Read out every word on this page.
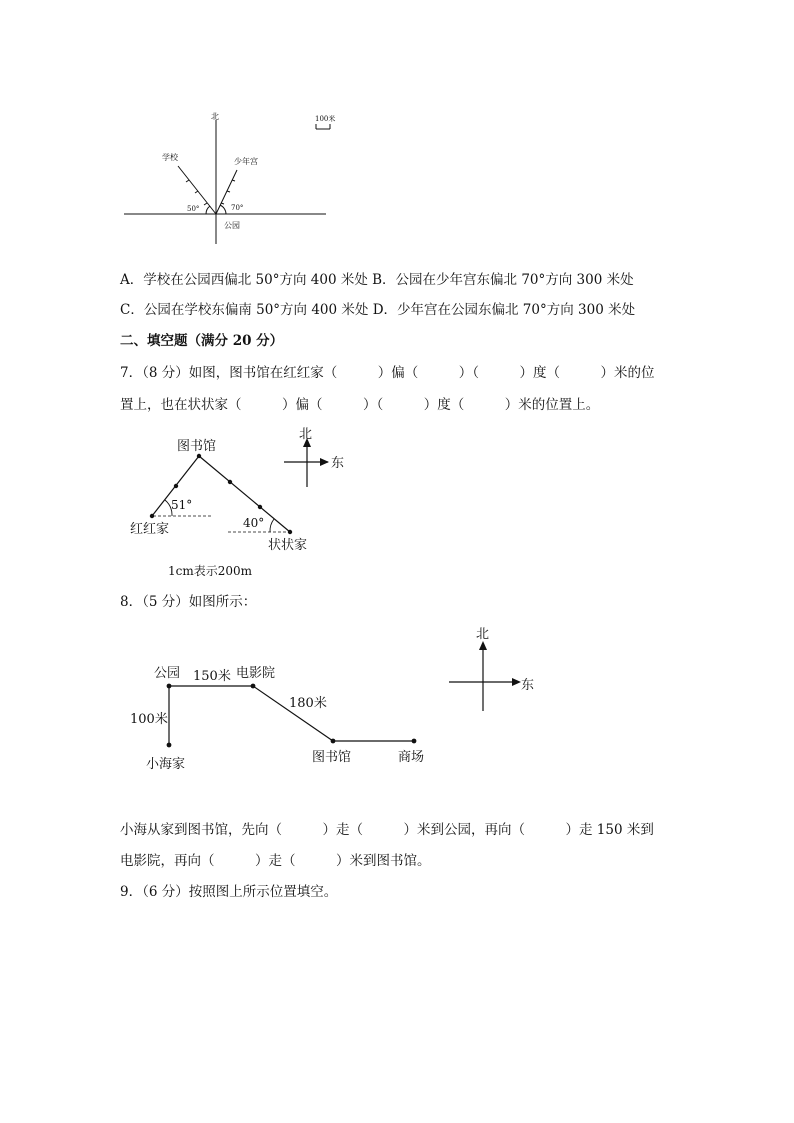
北	100米
学校	少年宫
50°	70°
公园
A．学校在公园西偏北 50°方向 400 米处 B．公园在少年宫东偏北 70°方向 300 米处
C．公园在学校东偏南 50°方向 400 米处 D．少年宫在公园东偏北 70°方向 300 米处
二、填空题（满分 20 分）
7．（8 分）如图，图书馆在红红家（　　　）偏（　　　）（　　　）度（　　　）米的位
置上，也在状状家（　　　）偏（　　　）（　　　）度（　　　）米的位置上。
图书馆
红红家
状状家
51°
40°
1cm表示200m
北
东
8．（5 分）如图所示：
公园 150米 电影院
180米
100米
小海家	图书馆	商场
北
东
小海从家到图书馆，先向（　　　）走（　　　）米到公园，再向（　　　）走 150 米到
电影院，再向（　　　）走（　　　）米到图书馆。
9．（6 分）按照图上所示位置填空。
